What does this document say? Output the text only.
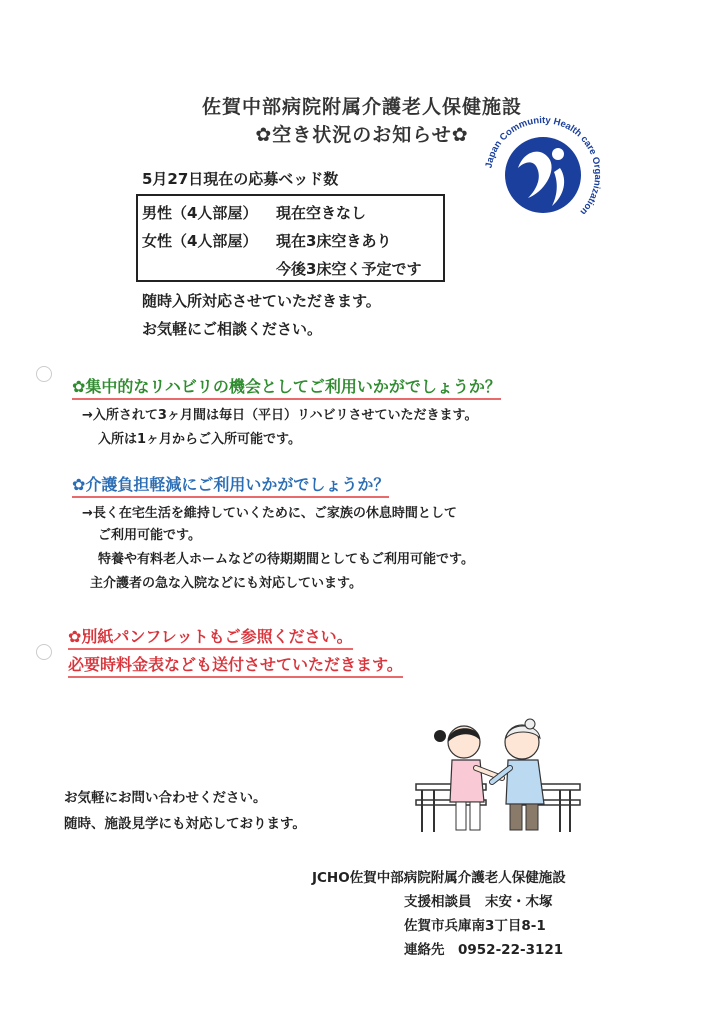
佐賀中部病院附属介護老人保健施設
✿空き状況のお知らせ✿
Japan Community Health care Organization
5月27日現在の応募ベッド数
男性（4人部屋） 現在空きなし
女性（4人部屋） 現在3床空きあり
今後3床空く予定です
随時入所対応させていただきます。
お気軽にご相談ください。
✿集中的なリハビリの機会としてご利用いかがでしょうか？
→入所されて3ヶ月間は毎日（平日）リハビリさせていただきます。
入所は1ヶ月からご入所可能です。
✿介護負担軽減にご利用いかがでしょうか？
→長く在宅生活を維持していくために、ご家族の休息時間として
ご利用可能です。
特養や有料老人ホームなどの待期期間としてもご利用可能です。
主介護者の急な入院などにも対応しています。
✿別紙パンフレットもご参照ください。
必要時料金表なども送付させていただきます。
お気軽にお問い合わせください。
随時、施設見学にも対応しております。
JCHO佐賀中部病院附属介護老人保健施設
支援相談員　末安・木塚
佐賀市兵庫南3丁目8-1
連絡先　0952-22-3121
